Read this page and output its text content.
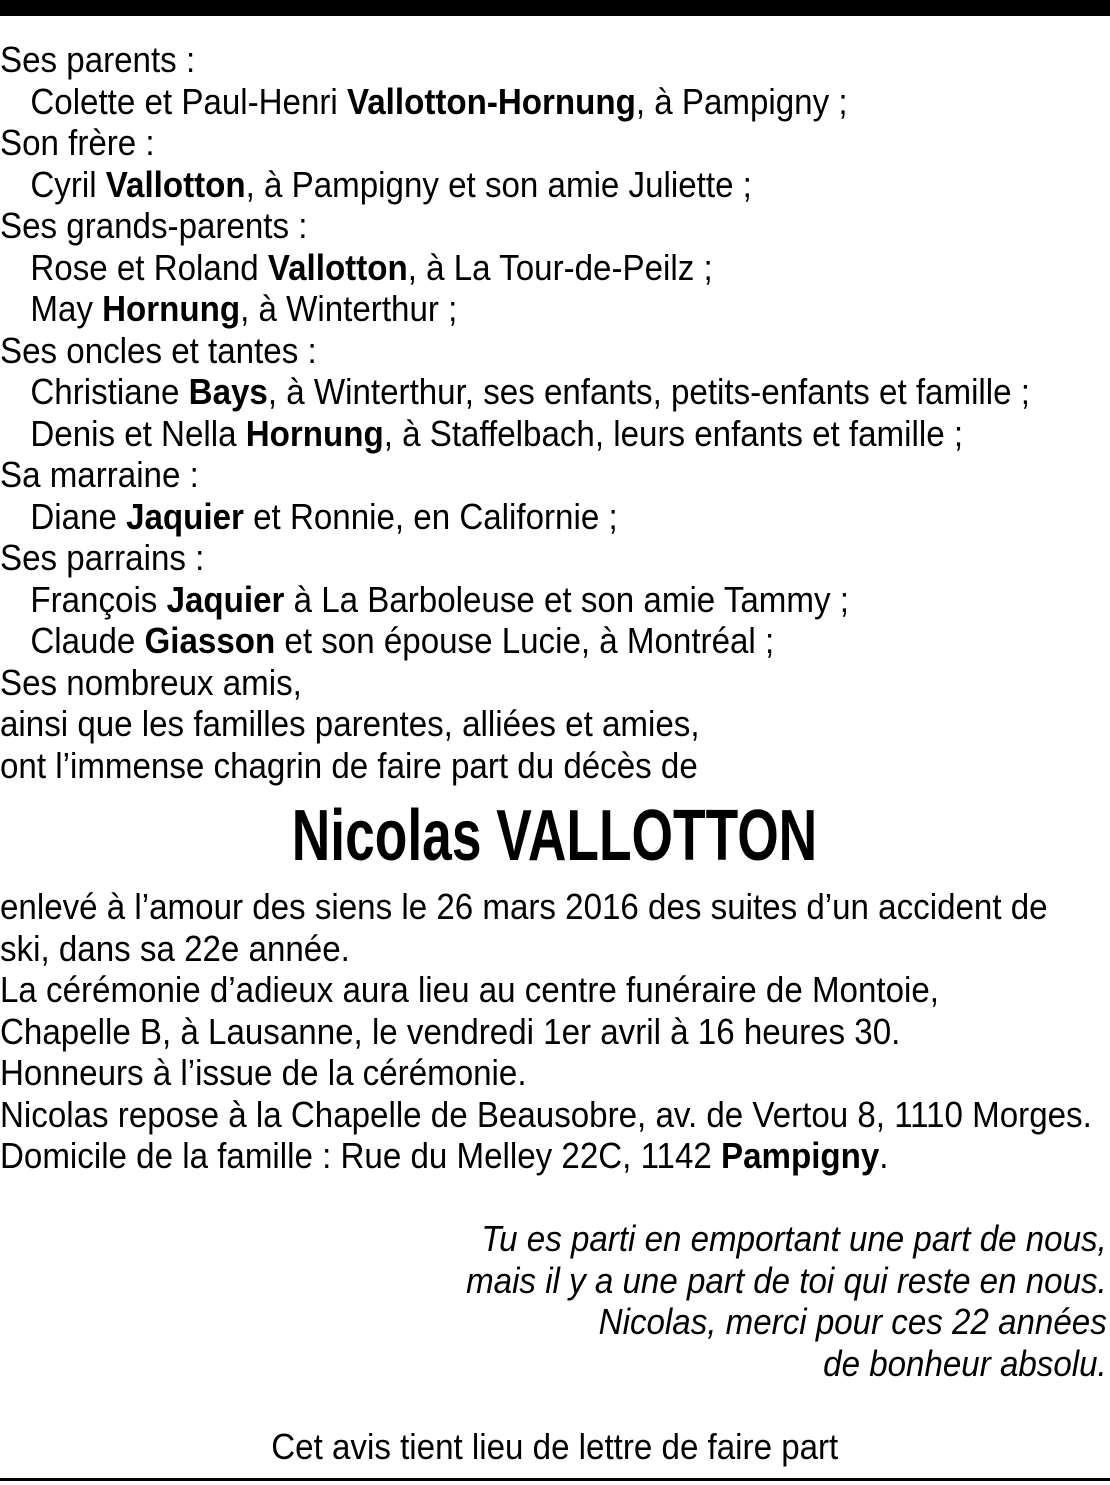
Ses parents :
Colette et Paul-Henri Vallotton-Hornung, à Pampigny ;
Son frère :
Cyril Vallotton, à Pampigny et son amie Juliette ;
Ses grands-parents :
Rose et Roland Vallotton, à La Tour-de-Peilz ;
May Hornung, à Winterthur ;
Ses oncles et tantes :
Christiane Bays, à Winterthur, ses enfants, petits-enfants et famille ;
Denis et Nella Hornung, à Staffelbach, leurs enfants et famille ;
Sa marraine :
Diane Jaquier et Ronnie, en Californie ;
Ses parrains :
François Jaquier à La Barboleuse et son amie Tammy ;
Claude Giasson et son épouse Lucie, à Montréal ;
Ses nombreux amis,
ainsi que les familles parentes, alliées et amies,
ont l’immense chagrin de faire part du décès de
Nicolas VALLOTTON
enlevé à l’amour des siens le 26 mars 2016 des suites d’un accident de
ski, dans sa 22e année.
La cérémonie d’adieux aura lieu au centre funéraire de Montoie,
Chapelle B, à Lausanne, le vendredi 1er avril à 16 heures 30.
Honneurs à l’issue de la cérémonie.
Nicolas repose à la Chapelle de Beausobre, av. de Vertou 8, 1110 Morges.
Domicile de la famille : Rue du Melley 22C, 1142 Pampigny.
Tu es parti en emportant une part de nous,
mais il y a une part de toi qui reste en nous.
Nicolas, merci pour ces 22 années
de bonheur absolu.
Cet avis tient lieu de lettre de faire part
